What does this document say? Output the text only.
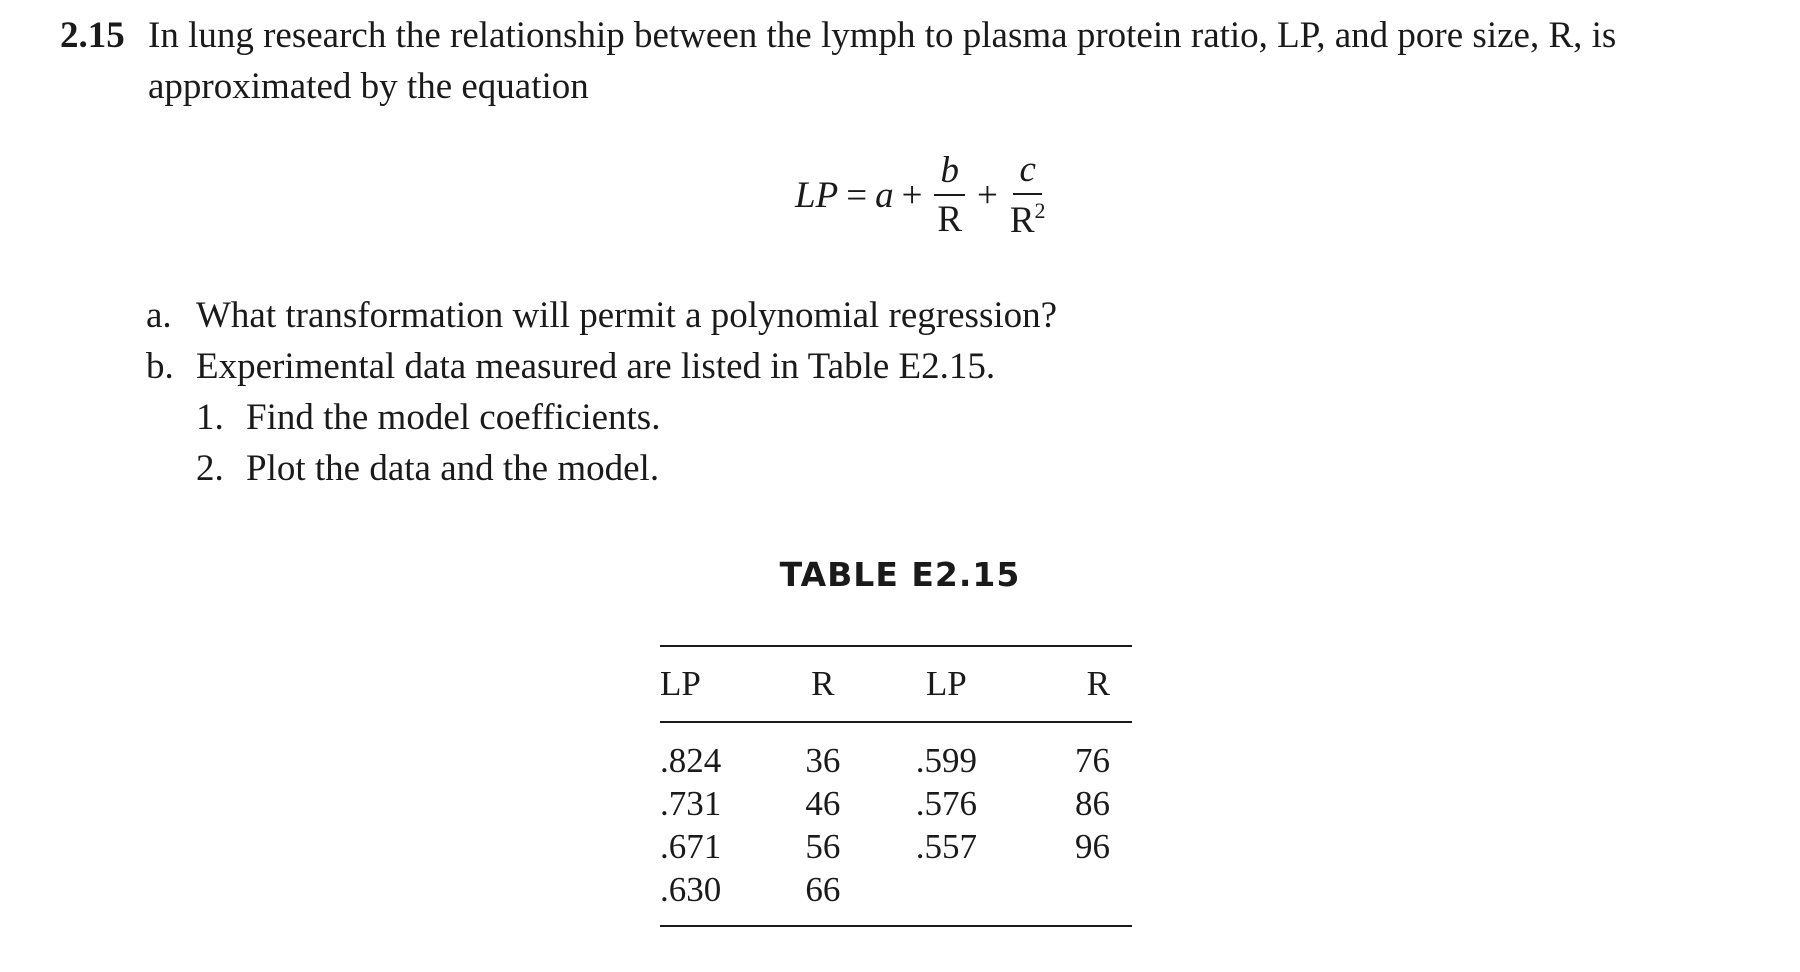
2.15 In lung research the relationship between the lymph to plasma protein ratio, LP, and pore size, R, is approximated by the equation

LP = $a + \frac{b}{R} + \frac{c}{R^2}$
a. What transformation will permit a polynomial regression?
b. Experimental data measured are listed in Table E2.15.
1. Find the model coefficients.
2. Plot the data and the model.
TABLE E2.15
LP	R	LP	R

.824	36	.599	76
.731	46	.576	86
.671	56	.557	96
.630	66		
